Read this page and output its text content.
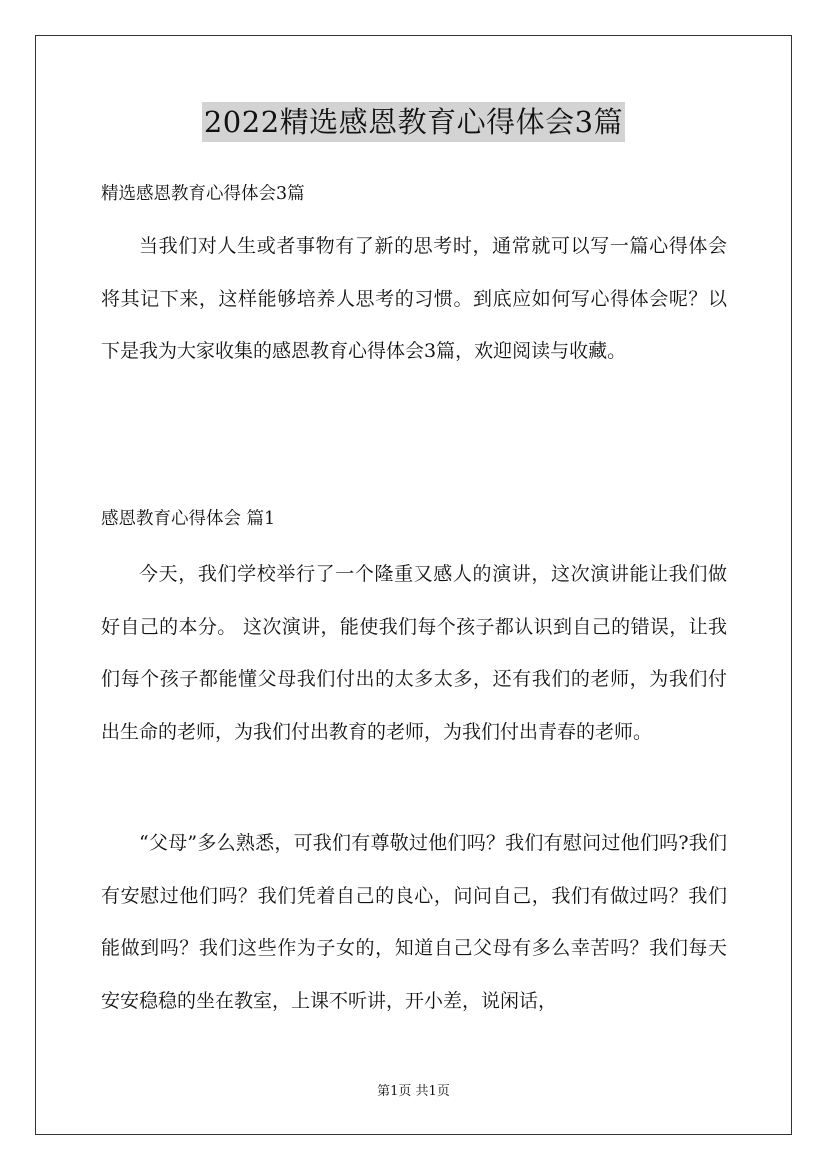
2022精选感恩教育心得体会3篇
精选感恩教育心得体会3篇

当我们对人生或者事物有了新的思考时，通常就可以写一篇心得体会将其记下来，这样能够培养人思考的习惯。到底应如何写心得体会呢？以下是我为大家收集的感恩教育心得体会3篇，欢迎阅读与收藏。

感恩教育心得体会 篇1

今天，我们学校举行了一个隆重又感人的演讲，这次演讲能让我们做好自己的本分。 这次演讲，能使我们每个孩子都认识到自己的错误，让我们每个孩子都能懂父母我们付出的太多太多，还有我们的老师，为我们付出生命的老师，为我们付出教育的老师，为我们付出青春的老师。

“父母”多么熟悉，可我们有尊敬过他们吗？我们有慰问过他们吗?我们有安慰过他们吗？我们凭着自己的良心，问问自己，我们有做过吗？我们能做到吗？我们这些作为子女的，知道自己父母有多么幸苦吗？我们每天安安稳稳的坐在教室，上课不听讲，开小差，说闲话，

第1页 共1页
